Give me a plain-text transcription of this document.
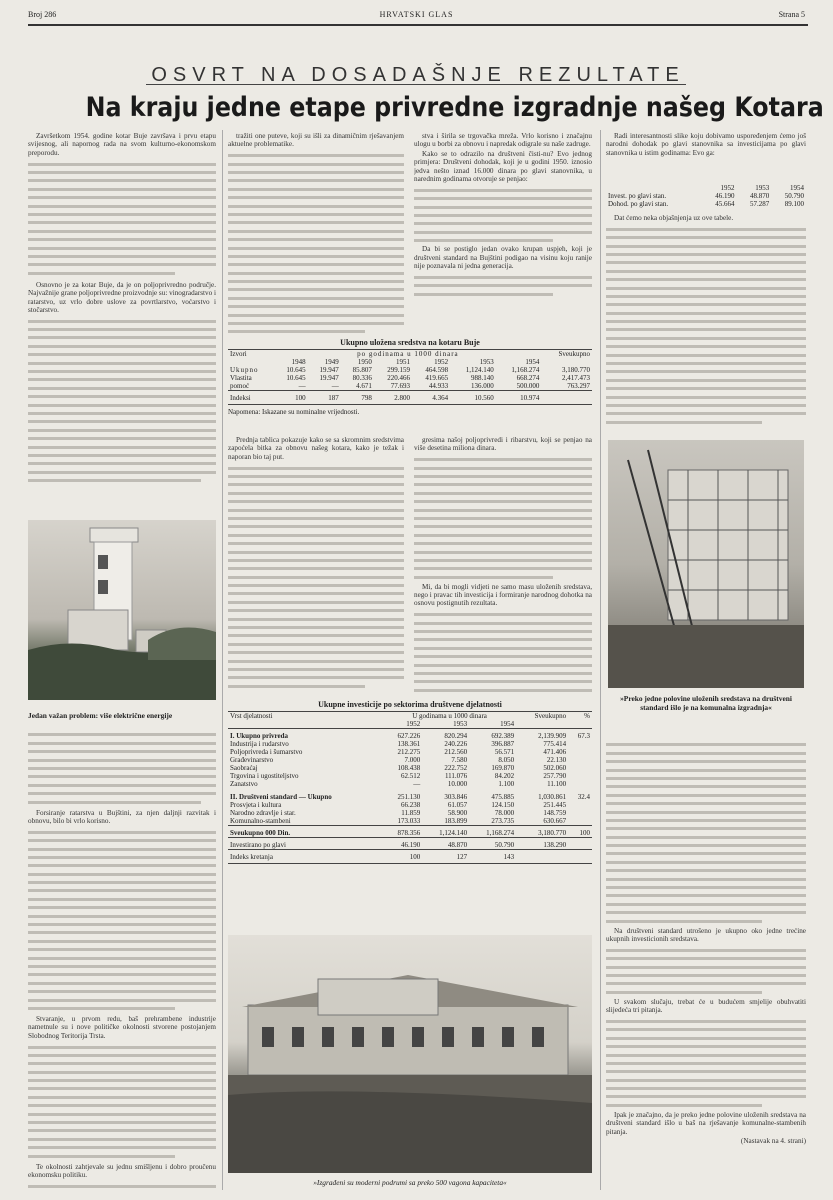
Broj 286	HRVATSKI GLAS	Strana 5
OSVRT NA DOSADAŠNJE REZULTATE
Na kraju jedne etape privredne izgradnje našeg Kotara

Završetkom 1954. godine kotar Buje završava i prvu etapu svijesnog, ali napornog rada na svom kulturno-ekonomskom preporodu.

Osnovno je za kotar Buje, da je on poljoprivredno područje. Najvažnije grane poljoprivredne proizvodnje su: vinogradarstvo i ratarstvo, uz vrlo dobre uslove za povrtlarstvo, voćarstvo i stočarstvo.

Jedan važan problem: više električne energije

Forsiranje ratarstva u Bujštini, za njen daljnji razvitak i obnovu, bilo bi vrlo korisno.

Stvaranje, u prvom redu, baš prehrambene industrije nametnule su i nove političke okolnosti stvorene postojanjem Slobodnog Teritorija Trsta.

Te okolnosti zahtjevale su jednu smišljenu i dobro proučenu ekonomsku politiku.

tražiti one puteve, koji su išli za dinamičnim rješavanjem aktuelne problematike.

stva i širila se trgovačka mreža. Vrlo korisno i značajnu ulogu u borbi za obnovu i napredak odigrale su naše zadruge.

Kako se to odrazilo na društveni čisti-nu? Evo jednog primjera: Društveni dohodak, koji je u godini 1950. iznosio jedva nešto iznad 16.000 dinara po glavi stanovnika, u narednim godinama otvoruje se penjao:

Da bi se postiglo jedan ovako krupan uspjeh, koji je društveni standard na Bujštini podigao na visinu koju ranije nije poznavala ni jedna generacija.

Ukupno uložena sredstva na kotaru Buje
Izvori	po godinama u 1000 dinara							Sveukupno
	1948	1949	1950	1951	1952	1953	1954	
Ukupno	10.645	19.947	85.807	299.159	464.598	1,124.140	1,168.274	3,180.770
Vlastita	10.645	19.947	80.336	220.466	419.665	988.140	668.274	2,417.473
pomoć	—	—	4.671	77.693	44.933	136.000	500.000	763.297

Indeksi	100	187	798	2.800	4.364	10.560	10.974	
Napomena: Iskazane su nominalne vrijednosti.

Prednja tablica pokazuje kako se sa skromnim sredstvima zapoćela bitka za obnovu našeg kotara, kako je težak i naporan bio taj put.

gresima našoj poljoprivredi i ribarstvu, koji se penjao na više desetina miliona dinara.

Mi, da bi mogli vidjeti ne samo masu uloženih sredstava, nego i pravac tih investicija i formiranje narodnog dohotka na osnovu postignutih rezultata.

Ukupne investicije po sektorima društvene djelatnosti
Vrst djelatnosti	U godinama u 1000 dinara			Sveukupno	%
	1952	1953	1954		

I. Ukupno privreda	627.226	820.294	692.389	2,139.909	67.3
Industrija i rudarstvo	138.361	240.226	396.887	775.414	
Poljoprivreda i šumarstvo	212.275	212.560	56.571	471.406	
Građevinarstvo	7.000	7.580	8.050	22.130	
Saobraćaj	108.438	222.752	169.870	502.060	
Trgovina i ugostiteljstvo	62.512	111.076	84.202	257.790	
Zanatstvo	—	10.000	1.100	11.100	

II. Društveni standard — Ukupno	251.130	303.846	475.885	1,030.861	32.4
Prosvjeta i kultura	66.238	61.057	124.150	251.445	
Narodno zdravlje i star.	11.859	58.900	78.000	148.759	
Komunalno-stambeni	173.033	183.899	273.735	630.667	

Sveukupno 000 Din.	878.356	1,124.140	1,168.274	3,180.770	100

Investirano po glavi	46.190	48.870	50.790	138.290	

Indeks kretanja	100	127	143		
»Izgrađeni su moderni podrumi sa preko 500 vagona kapaciteta«

Radi interesantnosti slike koju dobivamo uspoređenjem ćemo još narodni dohodak po glavi stanovnika sa investicijama po glavi stanovnika u istim godinama: Evo ga:

	1952	1953	1954
Invest. po glavi stan.	46.190	48.870	50.790
Dohod. po glavi stan.	45.664	57.287	89.100

Dat ćemo neka objašnjenja uz ove tabele.

»Preko jedne polovine uloženih sredstava na društveni standard išlo je na komunalna izgradnja«

Na društveni standard utrošeno je ukupno oko jedne trećine ukupnih investicionih sredstava.

U svakom slučaju, trebat će u budućem smjelije obuhvatiti slijedeća tri pitanja.

Ipak je značajno, da je preko jedne polovine uloženih sredstava na društveni standard išlo u baš na rješavanje komunalne-stambenih pitanja.

(Nastavak na 4. strani)
